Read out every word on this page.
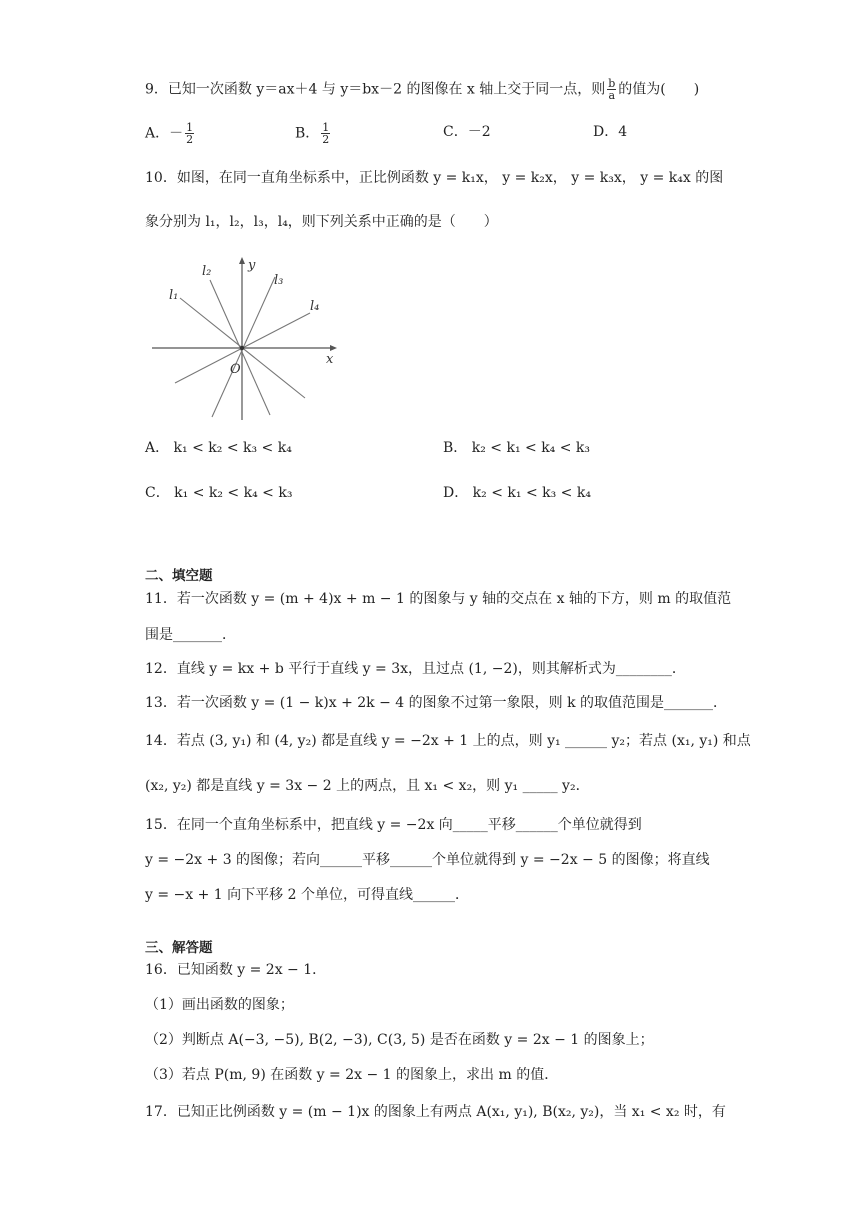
9．已知一次函数 y＝ax＋4 与 y＝bx－2 的图像在 x 轴上交于同一点，则 $\frac{b}{a}$ 的值为(　　)
A．－ $\frac{1}{2}$	B． $\frac{1}{2}$	C．－2	D．4
10．如图，在同一直角坐标系中，正比例函数 y = k₁x， y = k₂x， y = k₃x， y = k₄x 的图
象分别为 l₁，l₂，l₃，l₄，则下列关系中正确的是（　　）
y
x
O
l₁
l₂
l₃
l₄
A． k₁ < k₂ < k₃ < k₄	B． k₂ < k₁ < k₄ < k₃
C． k₁ < k₂ < k₄ < k₃	D． k₂ < k₁ < k₃ < k₄
二、填空题
11．若一次函数 y = (m + 4)x + m − 1 的图象与 y 轴的交点在 x 轴的下方，则 m 的取值范
围是_______．
12．直线 y = kx + b 平行于直线 y = 3x，且过点 (1, −2)，则其解析式为________．
13．若一次函数 y = (1 − k)x + 2k − 4 的图象不过第一象限，则 k 的取值范围是_______．
14．若点 (3, y₁) 和 (4, y₂) 都是直线 y = −2x + 1 上的点，则 y₁ ______ y₂；若点 (x₁, y₁) 和点
(x₂, y₂) 都是直线 y = 3x − 2 上的两点，且 x₁ < x₂，则 y₁ _____ y₂．
15．在同一个直角坐标系中，把直线 y = −2x 向_____平移______个单位就得到
y = −2x + 3 的图像；若向______平移______个单位就得到 y = −2x − 5 的图像；将直线
y = −x + 1 向下平移 2 个单位，可得直线______．
三、解答题
16．已知函数 y = 2x − 1．
（1）画出函数的图象；
（2）判断点 A(−3, −5), B(2, −3), C(3, 5) 是否在函数 y = 2x − 1 的图象上；
（3）若点 P(m, 9) 在函数 y = 2x − 1 的图象上，求出 m 的值．
17．已知正比例函数 y = (m − 1)x 的图象上有两点 A(x₁, y₁), B(x₂, y₂)，当 x₁ < x₂ 时，有
